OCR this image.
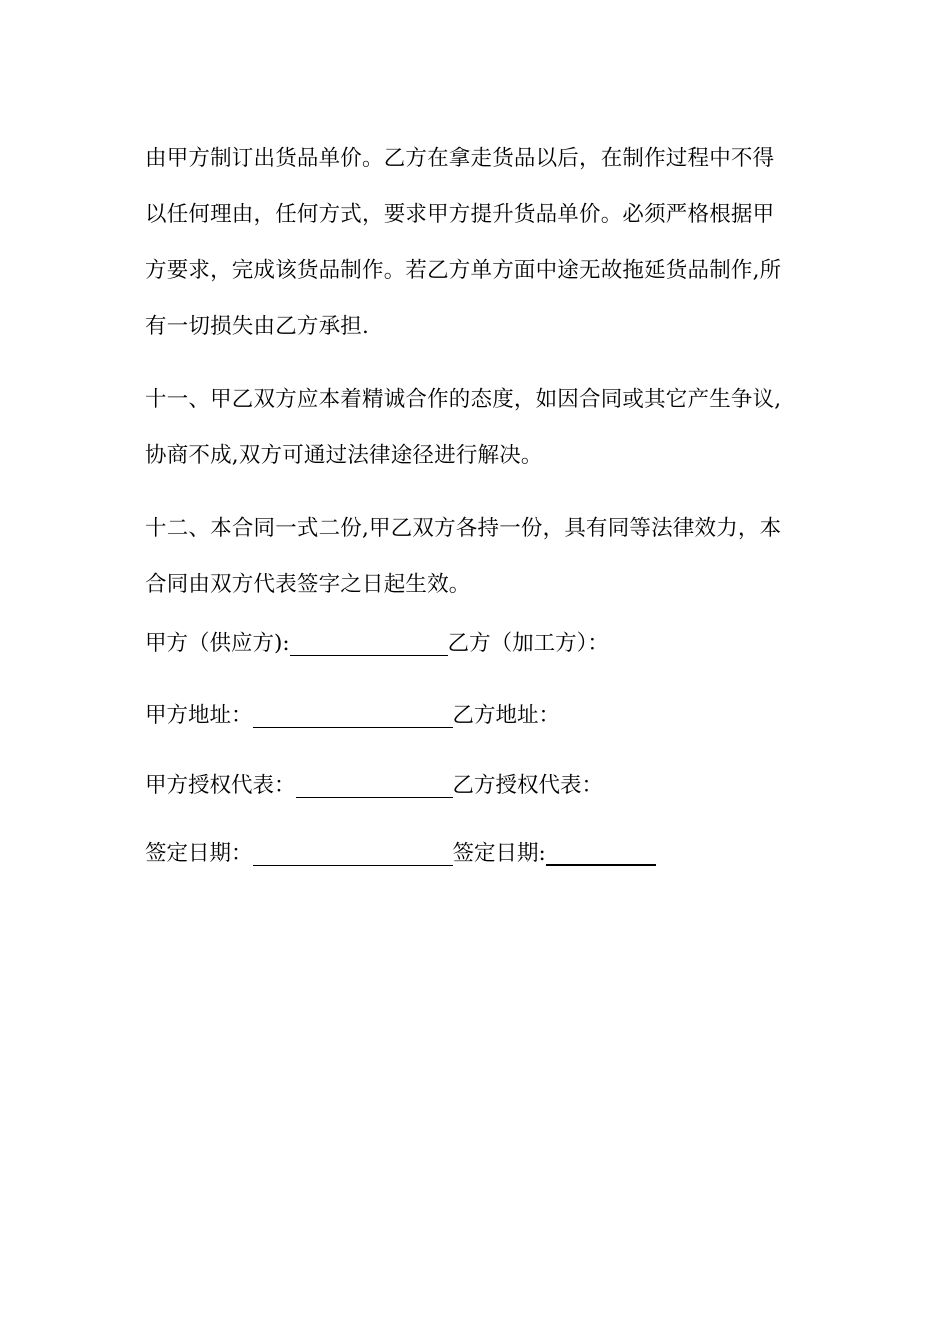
由甲方制订出货品单价。乙方在拿走货品以后，在制作过程中不得
以任何理由，任何方式，要求甲方提升货品单价。必须严格根据甲
方要求，完成该货品制作。若乙方单方面中途无故拖延货品制作,所
有一切损失由乙方承担.
十一、甲乙双方应本着精诚合作的态度，如因合同或其它产生争议,
协商不成,双方可通过法律途径进行解决。
十二、本合同一式二份,甲乙双方各持一份，具有同等法律效力，本
合同由双方代表签字之日起生效。
甲方（供应方):	乙方（加工方）：
甲方地址：	乙方地址：
甲方授权代表：	乙方授权代表：
签定日期：	签定日期:
